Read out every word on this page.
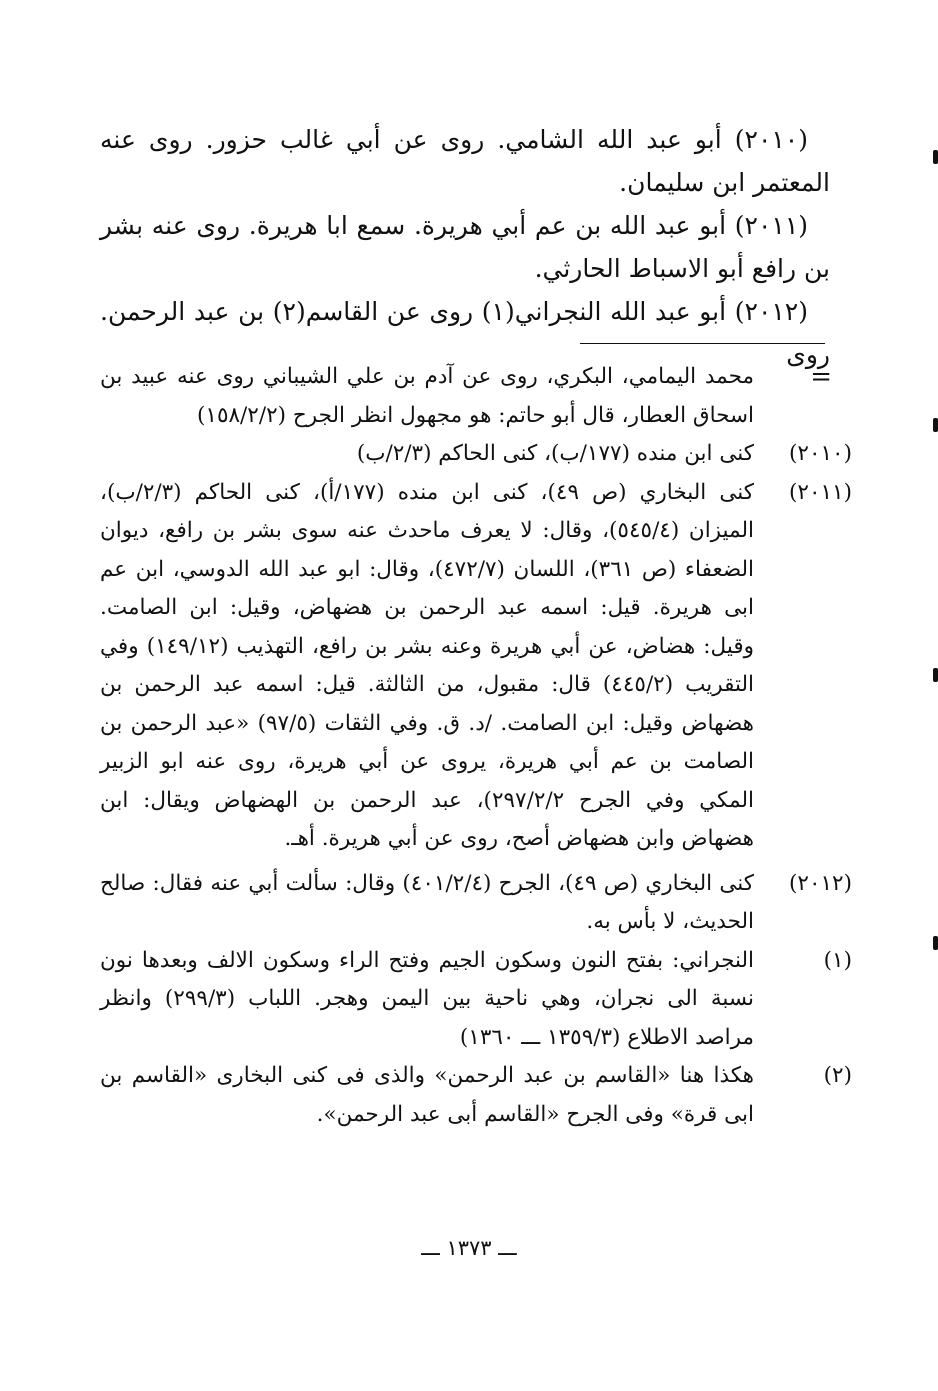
(٢٠١٠) أبو عبد الله الشامي. روى عن أبي غالب حزور. روى عنه المعتمر ابن سليمان.

(٢٠١١) أبو عبد الله بن عم أبي هريرة. سمع ابا هريرة. روى عنه بشر بن رافع أبو الاسباط الحارثي.

(٢٠١٢) أبو عبد الله النجراني(١) روى عن القاسم(٢) بن عبد الرحمن. روى

=

محمد اليمامي، البكري، روى عن آدم بن علي الشيباني روى عنه عبيد بن اسحاق العطار، قال أبو حاتم: هو مجهول انظر الجرح (١٥٨/٢/٢)

(٢٠١٠)

كنى ابن منده (١٧٧/ب)، كنى الحاكم (٢/٣/ب)

(٢٠١١)

كنى البخاري (ص ٤٩)، كنى ابن منده (١٧٧/أ)، كنى الحاكم (٢/٣/ب)، الميزان (٥٤٥/٤)، وقال: لا يعرف ماحدث عنه سوى بشر بن رافع، ديوان الضعفاء (ص ٣٦١)، اللسان (٤٧٢/٧)، وقال: ابو عبد الله الدوسي، ابن عم ابى هريرة. قيل: اسمه عبد الرحمن بن هضهاض، وقيل: ابن الصامت. وقيل: هضاض، عن أبي هريرة وعنه بشر بن رافع، التهذيب (١٤٩/١٢) وفي التقريب (٤٤٥/٢) قال: مقبول، من الثالثة. قيل: اسمه عبد الرحمن بن هضهاض وقيل: ابن الصامت. /د. ق. وفي الثقات (٩٧/٥) «عبد الرحمن بن الصامت بن عم أبي هريرة، يروى عن أبي هريرة، روى عنه ابو الزبير المكي وفي الجرح ٢٩٧/٢/٢)، عبد الرحمن بن الهضهاض ويقال: ابن هضهاض وابن هضهاض أصح، روى عن أبي هريرة. أهـ.

(٢٠١٢)

كنى البخاري (ص ٤٩)، الجرح (٤٠١/٢/٤) وقال: سألت أبي عنه فقال: صالح الحديث، لا بأس به.

(١)

النجراني: بفتح النون وسكون الجيم وفتح الراء وسكون الالف وبعدها نون نسبة الى نجران، وهي ناحية بين اليمن وهجر. اللباب (٢٩٩/٣) وانظر مراصد الاطلاع (١٣٥٩/٣ ـــ ١٣٦٠)

(٢)

هكذا هنا «القاسم بن عبد الرحمن» والذى فى كنى البخارى «القاسم بن ابى قرة» وفى الجرح «القاسم أبى عبد الرحمن».

ـــ ١٣٧٣ ـــ
